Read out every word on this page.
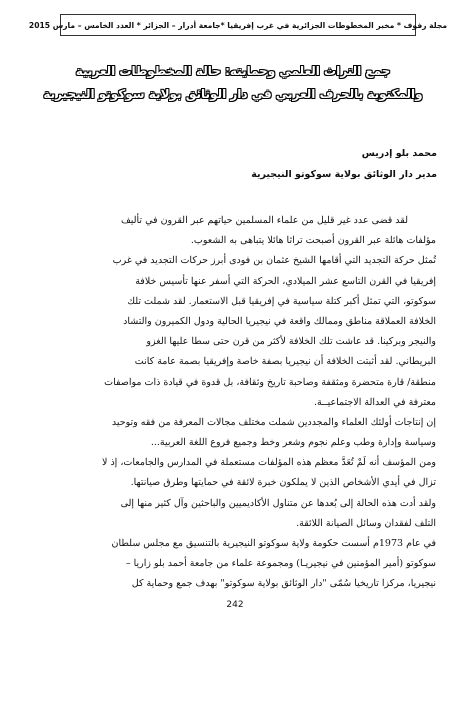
مجلة رفوف * مخبر المخطوطات الجزائرية في غرب إفريقيا *جامعة أدرار – الجزائر * العدد الخامس – مارس 2015
جمع التراث العلمي وحمايته: حالة المخطوطات العربية
والمكتوبة بالحرف العربي في دار الوثائق بولاية سوكوتو النيجيرية
محمد بلو إدريس
مدير دار الوثائق بولاية سوكوتو النيجيرية
لقد قضى عدد غير قليل من علماء المسلمين حياتهم عبر القرون في تأليف
مؤلفات هائلة عبر القرون أصبحت تراثا هائلا يتباهى به الشعوب.
تُمثل حركة التجديد التي أقامها الشيخ عثمان بن فودى أبرز حركات التجديد في غرب
إفريقيا في القرن التاسع عشر الميلادي، الحركة التي أسفر عنها تأسيس خلافة
سوكوتو، التي تمثل أكبر كتلة سياسية في إفريقيا قبل الاستعمار. لقد شملت تلك
الخلافة العملاقة مناطق وممالك واقعة في نيجيريا الحالية ودول الكميرون والتشاد
والنيجر وبركينا. قد عاشت تلك الخلافة لأكثر من قرن حتى سطا عليها الغزو
البريطاني. لقد أثبتت الخلافة أن نيجيريا بصفة خاصة وإفريقيا بصمة عامة كانت
منطقة/ قارة متحضرة ومثقفة وصاحبة تاريخ وثقافة، بل قدوة في قيادة ذات مواصفات
معترفة في العدالة الاجتماعيــة.
إن إنتاجات أولئك العلماء والمجددين شملت مختلف مجالات المعرفة من فقه وتوحيد
وسياسة وإدارة وطب وعلم نجوم وشعر وخط وجميع فروع اللغة العربية...
ومن المؤسف أنه لَمْ تُعَدَّ معظم هذه المؤلفات مستعملة في المدارس والجامعات، إذ لا
تزال في أيدي الأشخاص الذين لا يملكون خبرة لائقة في حمايتها وطرق صيانتها.
ولقد أدت هذه الحالة إلى بُعدها عن متناول الأكاديميين والباحثين وآل كثير منها إلى
التلف لفقدان وسائل الصيانة اللائقة.
في عام 1973م أسست حكومة ولاية سوكوتو النيجيرية بالتنسيق مع مجلس سلطان
سوكوتو (أمير المؤمنين في نيجيريـا) ومجموعة علماء من جامعة أحمد بلو زاريا –
نيجيريا، مركزا تاريخيا سُمّى "دار الوثائق بولاية سوكوتو" بهدف جمع وحماية كل
242
